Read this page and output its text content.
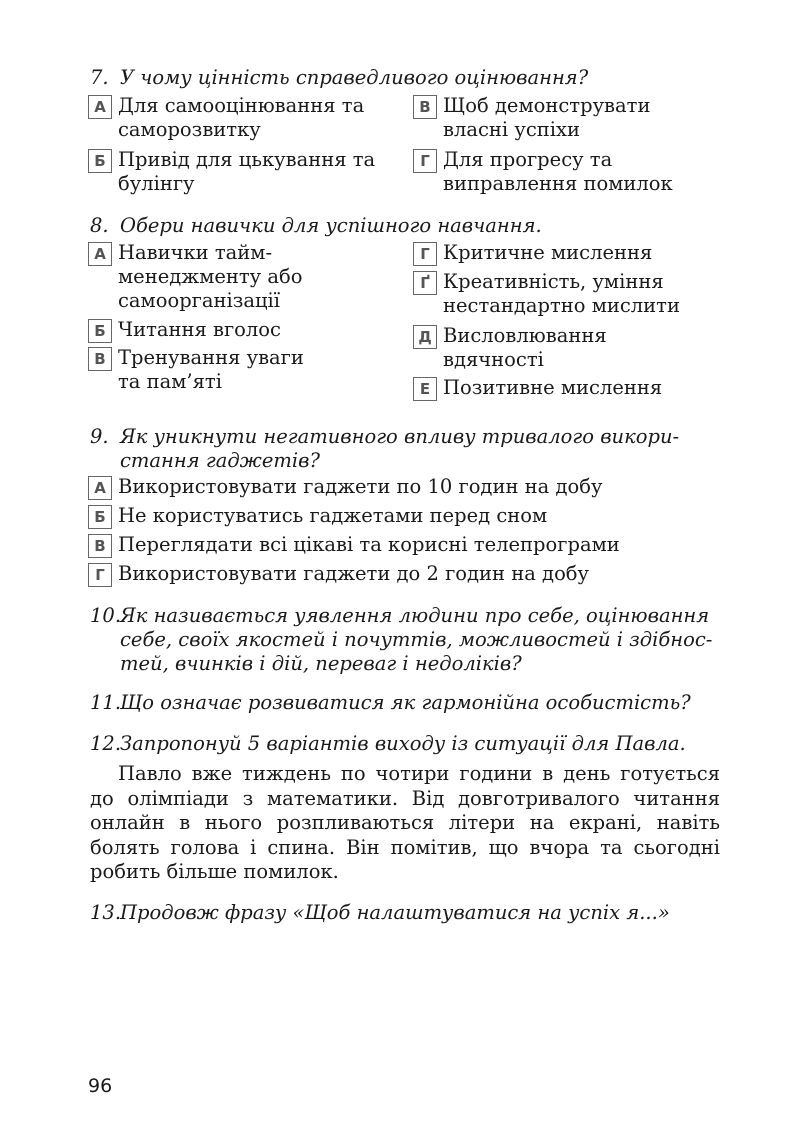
7. У чому цінність справедливого оцінювання?
А Для самооцінювання та
саморозвитку
В Щоб демонструвати
власні успіхи
Б Привід для цькування та
булінгу
Г Для прогресу та
виправлення помилок
8. Обери навички для успішного навчання.
А Навички тайм-
менеджменту або
самоорганізації
Б Читання вголос
В Тренування уваги
та пам’яті
Г Критичне мислення
Ґ Креативність, уміння
нестандартно мислити
Д Висловлювання
вдячності
Е Позитивне мислення
9. Як уникнути негативного впливу тривалого викори-
стання гаджетів?
А Використовувати гаджети по 10 годин на добу
Б Не користуватись гаджетами перед сном
В Переглядати всі цікаві та корисні телепрограми
Г Використовувати гаджети до 2 годин на добу
10.Як називається уявлення людини про себе, оцінювання
себе, своїх якостей і почуттів, можливостей і здібнос-
тей, вчинків і дій, переваг і недоліків?
11.Що означає розвиватися як гармонійна особистість?
12.Запропонуй 5 варіантів виходу із ситуації для Павла.
Павло вже тиждень по чотири години в день готується до олімпіади з математики. Від довготривалого читання онлайн в нього розпливаються літери на екрані, навіть болять голова і спина. Він помітив, що вчора та сьогодні робить більше помилок.
13.Продовж фразу «Щоб налаштуватися на успіх я...»
96
